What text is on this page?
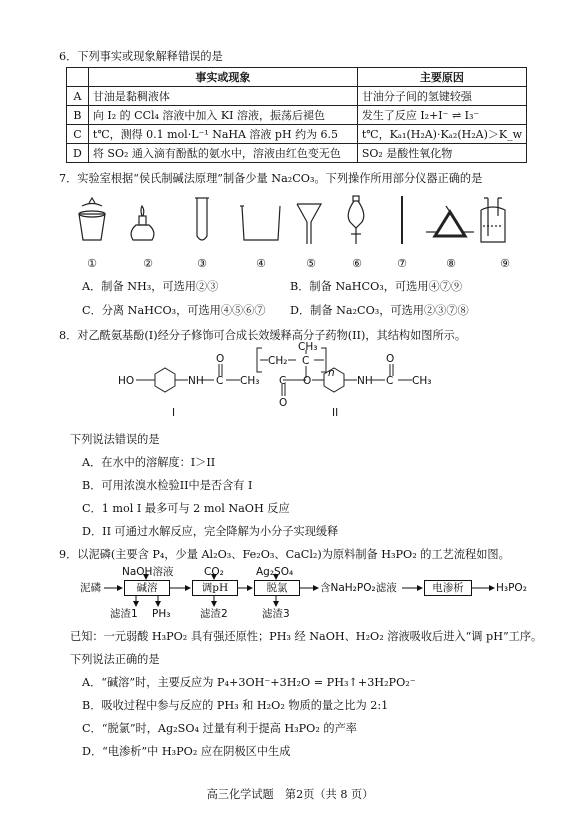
6．下列事实或现象解释错误的是
	事实或现象	主要原因
A	甘油是黏稠液体	甘油分子间的氢键较强
B	向 I₂ 的 CCl₄ 溶液中加入 KI 溶液，振荡后褪色	发生了反应 I₂+I⁻ ⇌ I₃⁻
C	t℃，测得 0.1 mol·L⁻¹ NaHA 溶液 pH 约为 6.5	t℃，Kₐ₁(H₂A)·Kₐ₂(H₂A)＞K_w
D	将 SO₂ 通入滴有酚酞的氨水中，溶液由红色变无色	SO₂ 是酸性氧化物
7．实验室根据“侯氏制碱法原理”制备少量 Na₂CO₃。下列操作所用部分仪器正确的是
①	②	③	④	⑤	⑥	⑦	⑧	⑨
A．制备 NH₃，可选用②③	B．制备 NaHCO₃，可选用④⑦⑨
C．分离 NaHCO₃，可选用④⑤⑥⑦ D．制备 Na₂CO₃，可选用②③⑦⑧
8．对乙酰氨基酚(I)经分子修饰可合成长效缓释高分子药物(II)，其结构如图所示。
HO	NH C
O
CH₃
CH₂ C
CH₃
n
C
O
O	NH C
O
CH₃
I	II
下列说法错误的是
A．在水中的溶解度：I＞II
B．可用浓溴水检验II中是否含有 I
C．1 mol I 最多可与 2 mol NaOH 反应
D．II 可通过水解反应，完全降解为小分子实现缓释
9．以泥磷(主要含 P₄，少量 Al₂O₃、Fe₂O₃、CaCl₂)为原料制备 H₃PO₂ 的工艺流程如图。
泥磷
NaOH溶液	CO₂	Ag₂SO₄
碱溶	调pH	脱氯	含NaH₂PO₂滤液	电渗析	H₃PO₂
滤渣1 PH₃	滤渣2	滤渣3
已知：一元弱酸 H₃PO₂ 具有强还原性；PH₃ 经 NaOH、H₂O₂ 溶液吸收后进入“调 pH”工序。
下列说法正确的是
A．“碱溶”时，主要反应为 P₄+3OH⁻+3H₂O = PH₃↑+3H₂PO₂⁻
B．吸收过程中参与反应的 PH₃ 和 H₂O₂ 物质的量之比为 2:1
C．“脱氯”时，Ag₂SO₄ 过量有利于提高 H₃PO₂ 的产率
D．“电渗析”中 H₃PO₂ 应在阴极区中生成
高三化学试题　第2页（共 8 页）
